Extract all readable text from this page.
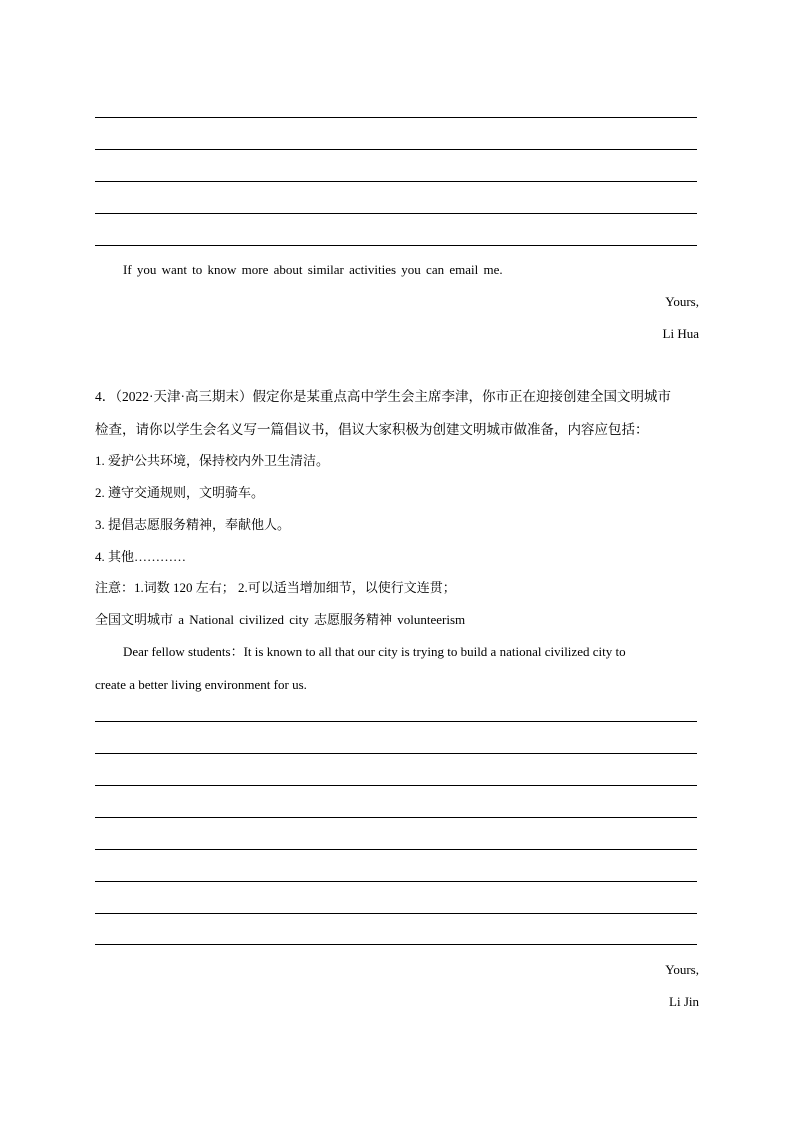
If you want to know more about similar activities you can email me.
Yours,
Li Hua
4．（2022·天津·高三期末）假定你是某重点高中学生会主席李津，你市正在迎接创建全国文明城市
检查，请你以学生会名义写一篇倡议书，倡议大家积极为创建文明城市做准备，内容应包括：
1. 爱护公共环境，保持校内外卫生清洁。
2. 遵守交通规则，文明骑车。
3. 提倡志愿服务精神，奉献他人。
4. 其他…………
注意：1.词数 120 左右； 2.可以适当增加细节，以使行文连贯；
全国文明城市 a National civilized city 志愿服务精神 volunteerism
Dear fellow students：It is known to all that our city is trying to build a national civilized city to
create a better living environment for us.
Yours,
Li Jin
